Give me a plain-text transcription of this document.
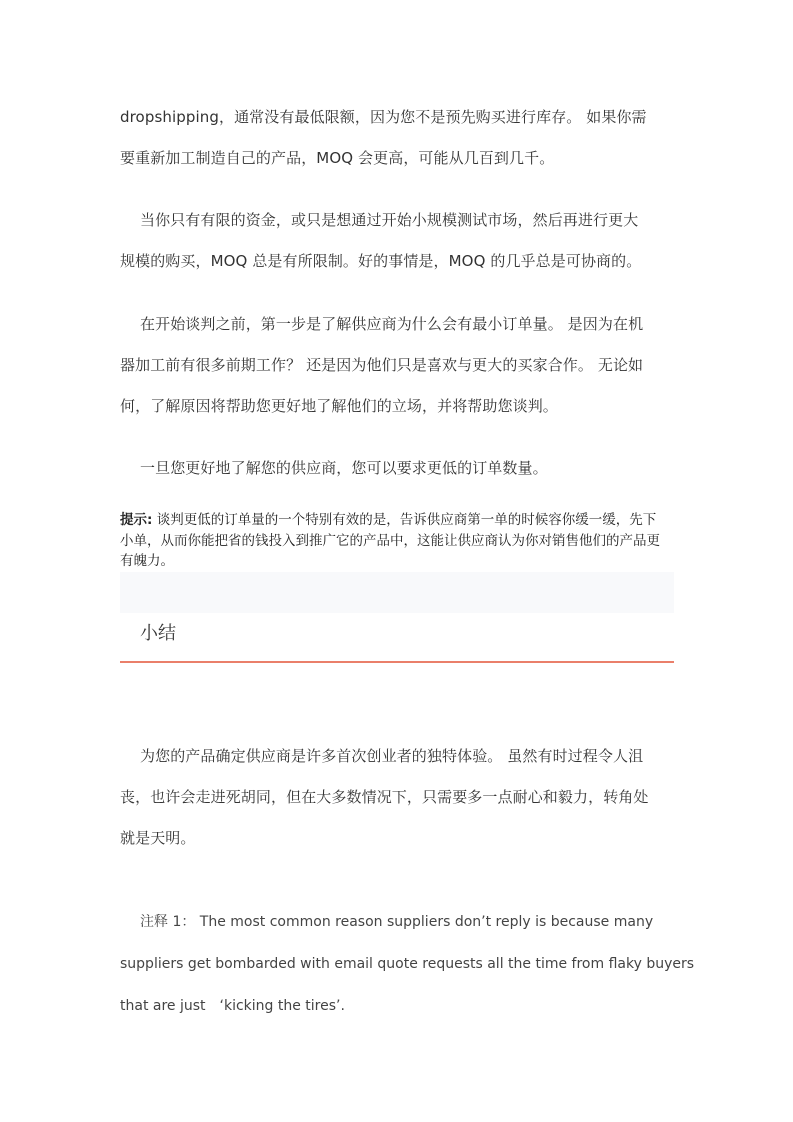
dropshipping，通常没有最低限额，因为您不是预先购买进行库存。 如果你需
要重新加工制造自己的产品，MOQ 会更高，可能从几百到几千。

当你只有有限的资金，或只是想通过开始小规模测试市场，然后再进行更大
规模的购买，MOQ 总是有所限制。好的事情是，MOQ 的几乎总是可协商的。

在开始谈判之前，第一步是了解供应商为什么会有最小订单量。 是因为在机
器加工前有很多前期工作？ 还是因为他们只是喜欢与更大的买家合作。 无论如
何，了解原因将帮助您更好地了解他们的立场，并将帮助您谈判。

一旦您更好地了解您的供应商，您可以要求更低的订单数量。

提示: 谈判更低的订单量的一个特别有效的是，告诉供应商第一单的时候容你缓一缓，先下
小单，从而你能把省的钱投入到推广它的产品中，这能让供应商认为你对销售他们的产品更
有魄力。

小结

为您的产品确定供应商是许多首次创业者的独特体验。 虽然有时过程令人沮
丧，也许会走进死胡同，但在大多数情况下，只需要多一点耐心和毅力，转角处
就是天明。

注释 1： The most common reason suppliers don’t reply is because many
suppliers get bombarded with email quote requests all the time from flaky buyers
that are just　‘kicking the tires’.
